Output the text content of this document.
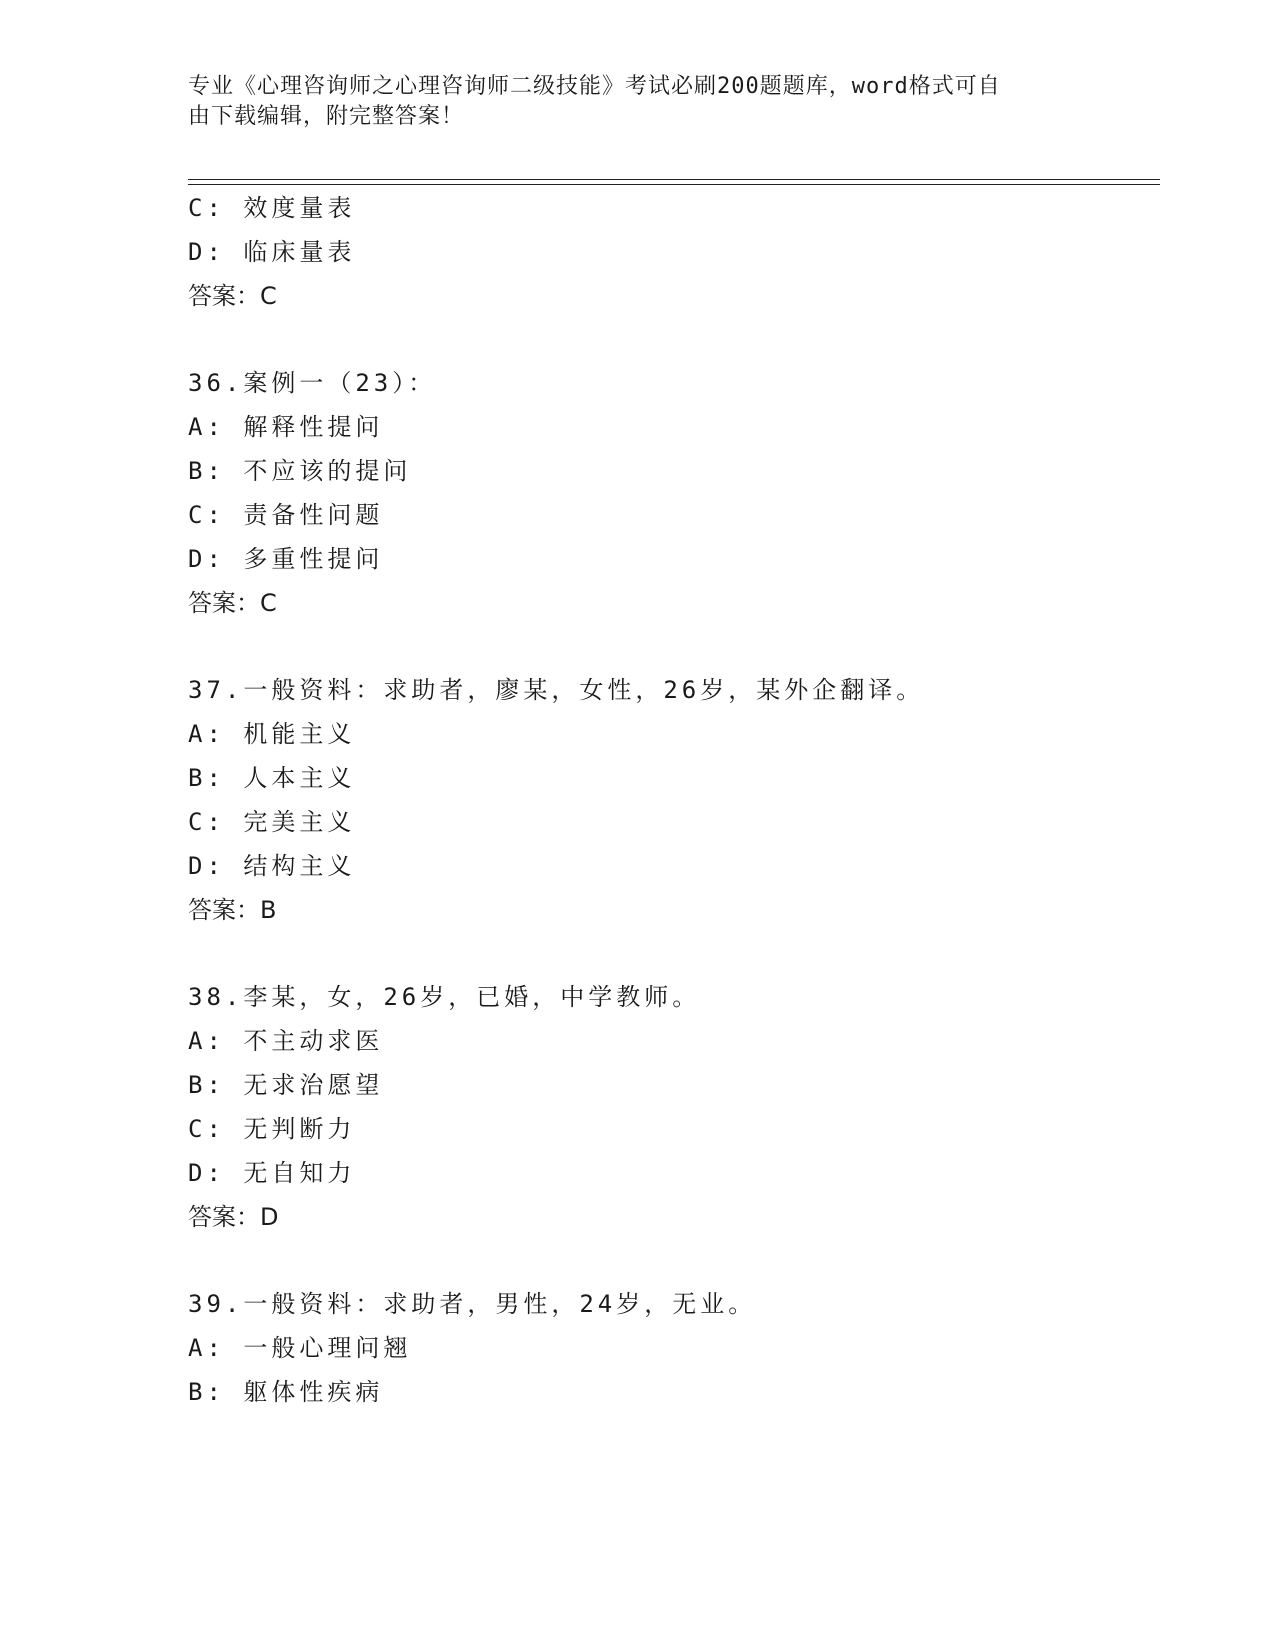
专业《心理咨询师之心理咨询师二级技能》考试必刷200题题库，word格式可自
由下载编辑，附完整答案！
C: 效度量表
D: 临床量表
答案：C
36.案例一（23）：
A: 解释性提问
B: 不应该的提问
C: 责备性问题
D: 多重性提问
答案：C
37.一般资料：求助者，廖某，女性，26岁，某外企翻译。
A: 机能主义
B: 人本主义
C: 完美主义
D: 结构主义
答案：B
38.李某，女，26岁，已婚，中学教师。
A: 不主动求医
B: 无求治愿望
C: 无判断力
D: 无自知力
答案：D
39.一般资料：求助者，男性，24岁，无业。
A: 一般心理问翘
B: 躯体性疾病
